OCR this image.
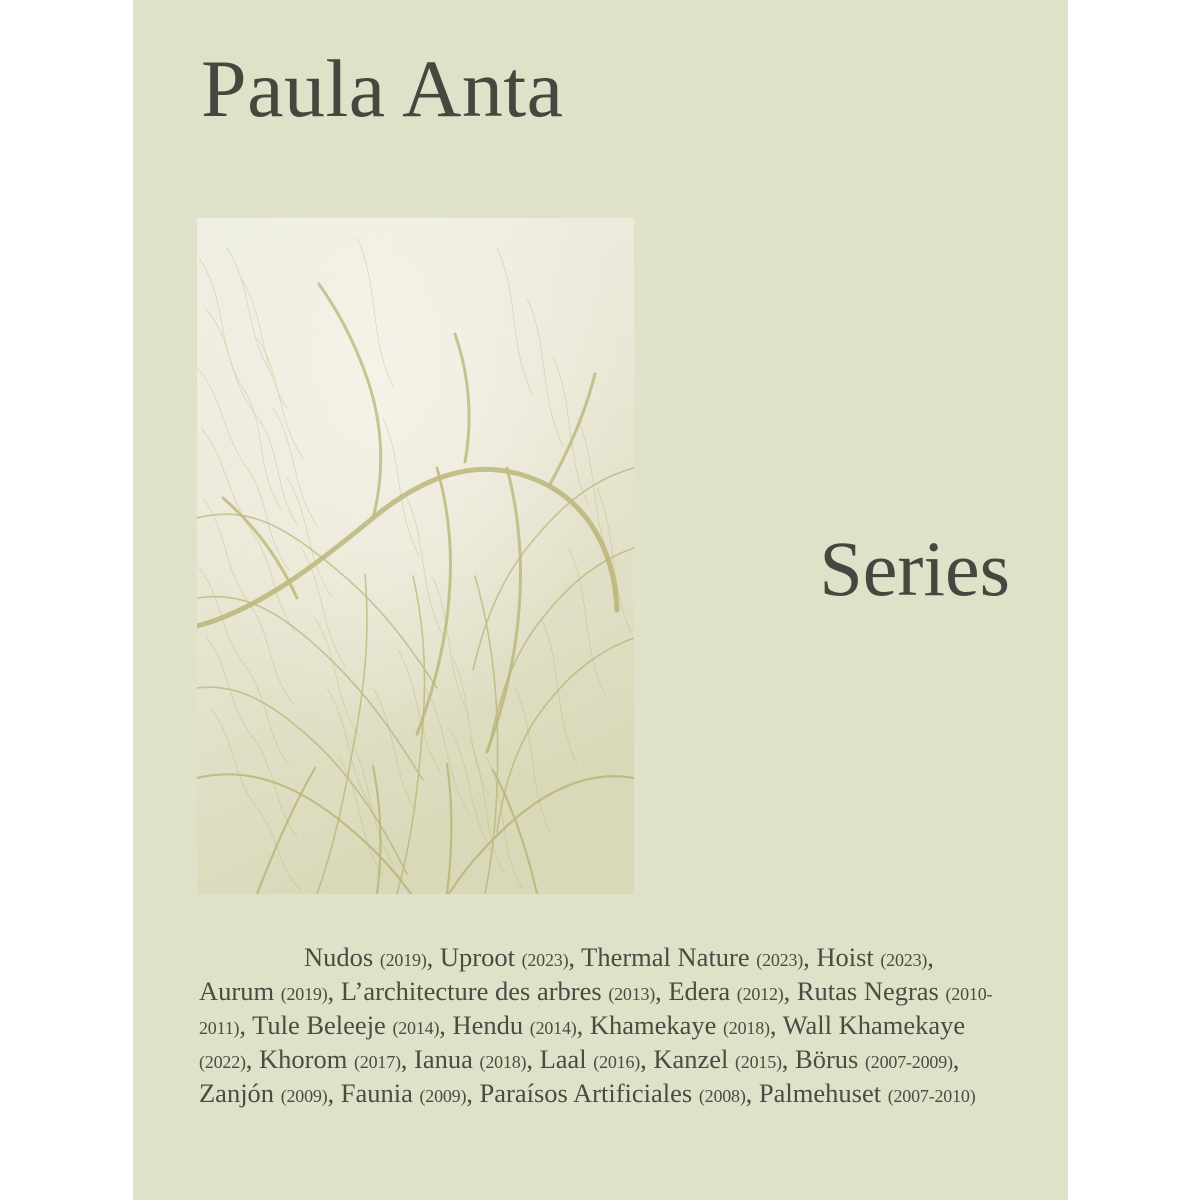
Paula Anta
Series
Nudos (2019), Uproot (2023), Thermal Nature (2023), Hoist (2023), Aurum (2019), L’architecture des arbres (2013), Edera (2012), Rutas Negras (2010-2011), Tule Beleeje (2014), Hendu (2014), Khamekaye (2018), Wall Khamekaye (2022), Khorom (2017), Ianua (2018), Laal (2016), Kanzel (2015), Börus (2007-2009), Zanjón (2009), Faunia (2009), Paraísos Artificiales (2008), Palmehuset (2007-2010)
